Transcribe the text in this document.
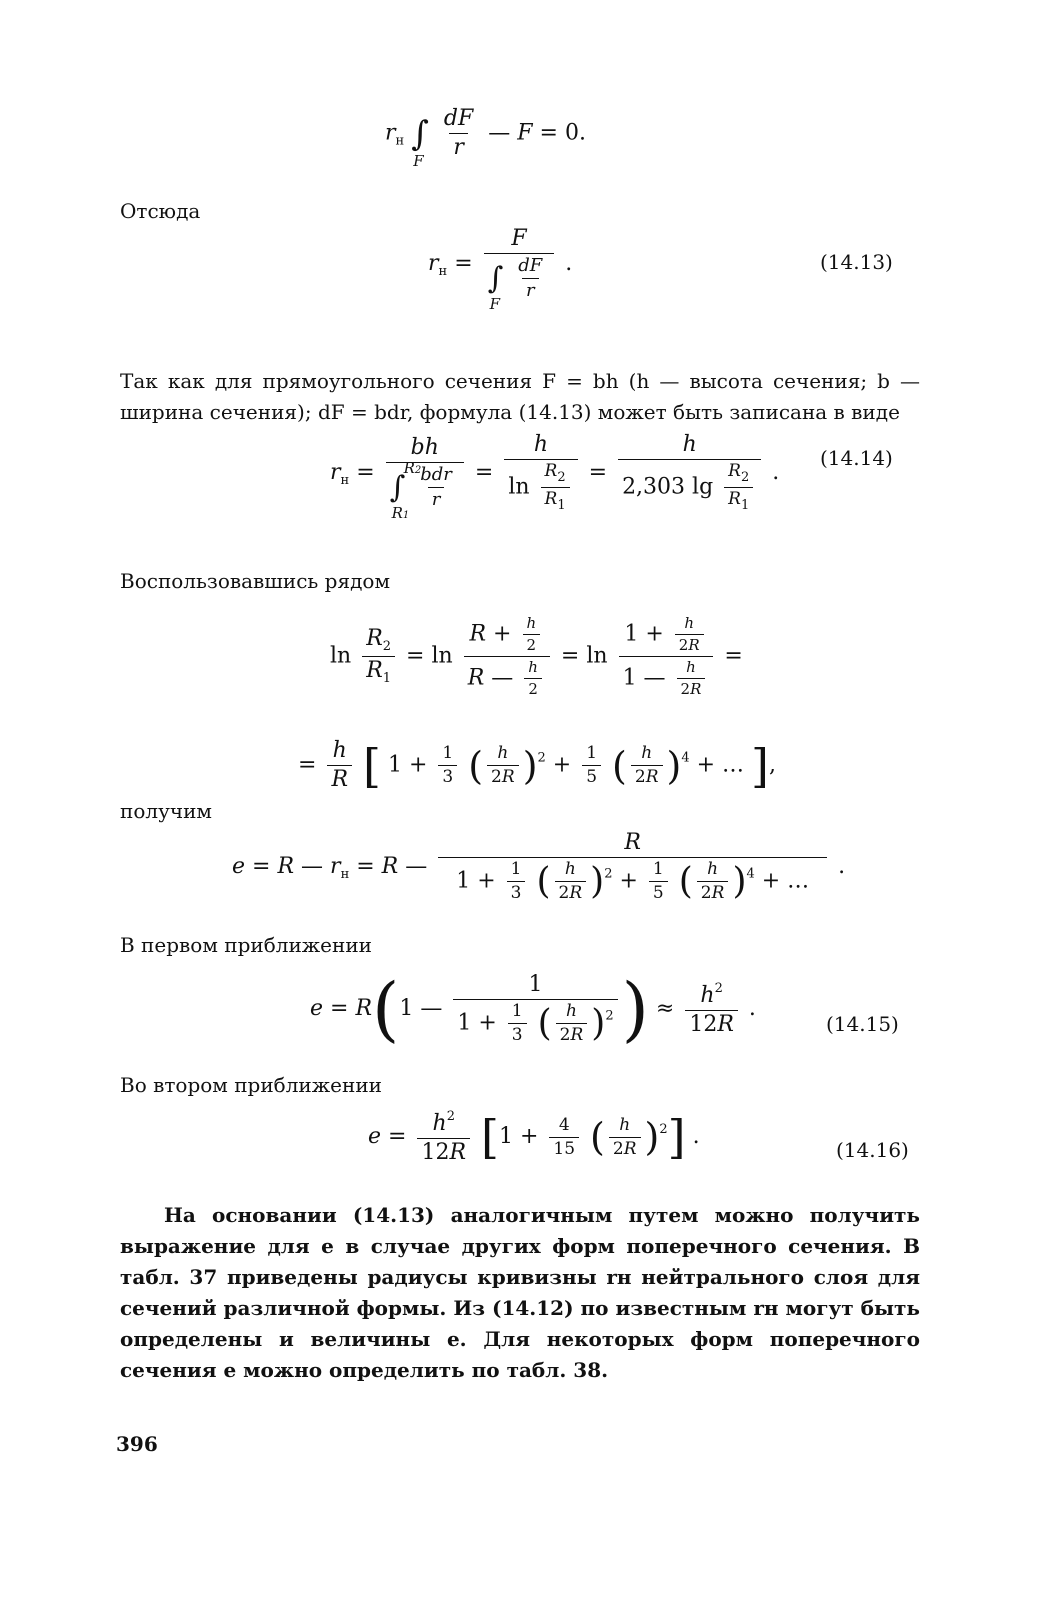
$r_н$ ∫
F

$\frac{dF}{r}$ — F = 0.
Отсюда
$r_н = F$
∫
F

$\frac{dF}{r}$ .	(14.13)
Так как для прямоугольного сечения F = bh (h — высота сечения; b — ширина сечения); dF = bdr, формула (14.13) может быть записана в виде
$r_н$ = bh
∫
R2
R1

$\frac{\text{bdr}}{r} = \frac{h}{\ln \frac{R_2}{R_1}} = \frac{h}{2,303 \lg \frac{R_2}{R_1}}$ .
(14.14)
Воспользовавшись рядом
$\ln \frac{R_2}{R_1} = \ln \frac{R + \frac{h}{2}}{R — \frac{h}{2}} = \ln \frac{1 + \frac{h}{2R}}{1 — \frac{h}{2R}}$ =
= $\frac{h}{R}$ [ $1 + \frac{1}{3}$ ( $\frac{h}{2R} )^2 + \frac{1}{5}$ ( $\frac{h}{2R} )^4$ + … ],
получим
e = R — $r_н = R$ —
R
$1 + \frac{1}{3}$ ( $\frac{h}{2R} )^2 + \frac{1}{5}$ ( $\frac{h}{2R} )^4$ + …
.
В первом приближении
e = R(1 — $\frac{1}{1 + \frac{1}{3} ( \frac{h}{2R} )^2}$ ) ≈ $\frac{h^2}{12R}$ .
(14.15)
Во втором приближении
$e = \frac{h^2}{12R} [1 + \frac{4}{15}$ ( $\frac{h}{2R} )^2$] .
(14.16)
На основании (14.13) аналогичным путем можно получить выражение для e в случае других форм поперечного сечения. В табл. 37 приведены радиусы кривизны rн нейтрального слоя для сечений различной формы. Из (14.12) по известным rн могут быть определены и величины e. Для некоторых форм поперечного сечения e можно определить по табл. 38.
396
